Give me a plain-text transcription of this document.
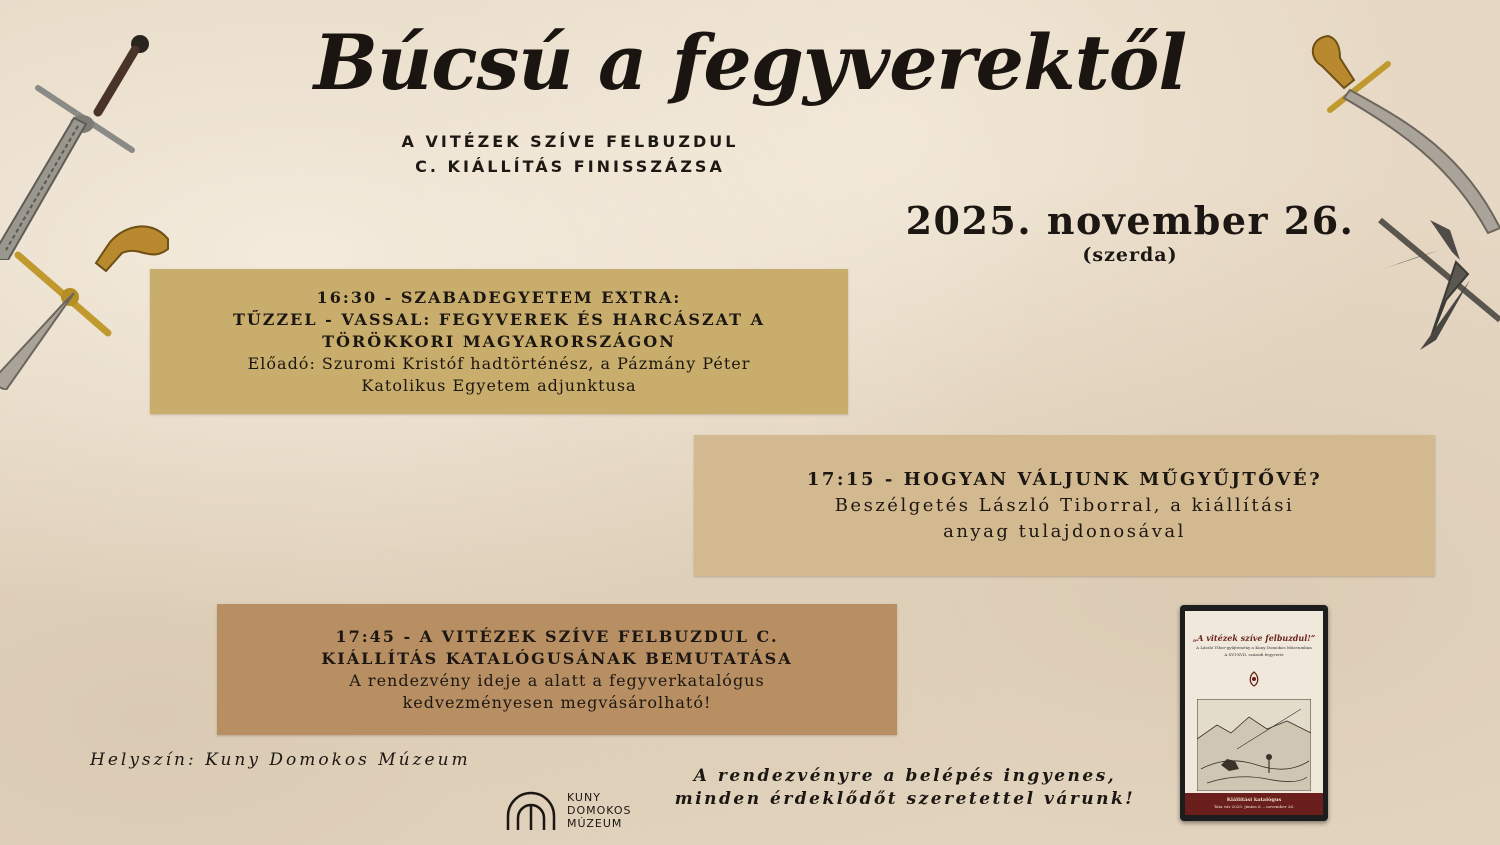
Búcsú a fegyverektől
A VITÉZEK SZÍVE FELBUZDUL
C. KIÁLLÍTÁS FINISSZÁZSA
2025. november 26.
(szerda)
16:30 - SZABADEGYETEM EXTRA:
TŰZZEL - VASSAL: FEGYVEREK ÉS HARCÁSZAT A
TÖRÖKKORI MAGYARORSZÁGON
Előadó: Szuromi Kristóf hadtörténész, a Pázmány Péter
Katolikus Egyetem adjunktusa
17:15 - HOGYAN VÁLJUNK MŰGYŰJTŐVÉ?
Beszélgetés László Tiborral, a kiállítási
anyag tulajdonosával
17:45 - A VITÉZEK SZÍVE FELBUZDUL C.
KIÁLLÍTÁS KATALÓGUSÁNAK BEMUTATÁSA
A rendezvény ideje a alatt a fegyverkatalógus
kedvezményesen megvásárolható!
Helyszín: Kuny Domokos Múzeum
KUNY
DOMOKOS
MÚZEUM
A rendezvényre a belépés ingyenes,
minden érdeklődőt szeretettel várunk!
„A vitézek szíve felbuzdul!”
A László Tibor-gyűjtemény a Kuny Domokos Múzeumban
A XVI-XVII. századi fegyverei
Kiállítási katalógus
Tata vár 2025. június 6. – november 26.
